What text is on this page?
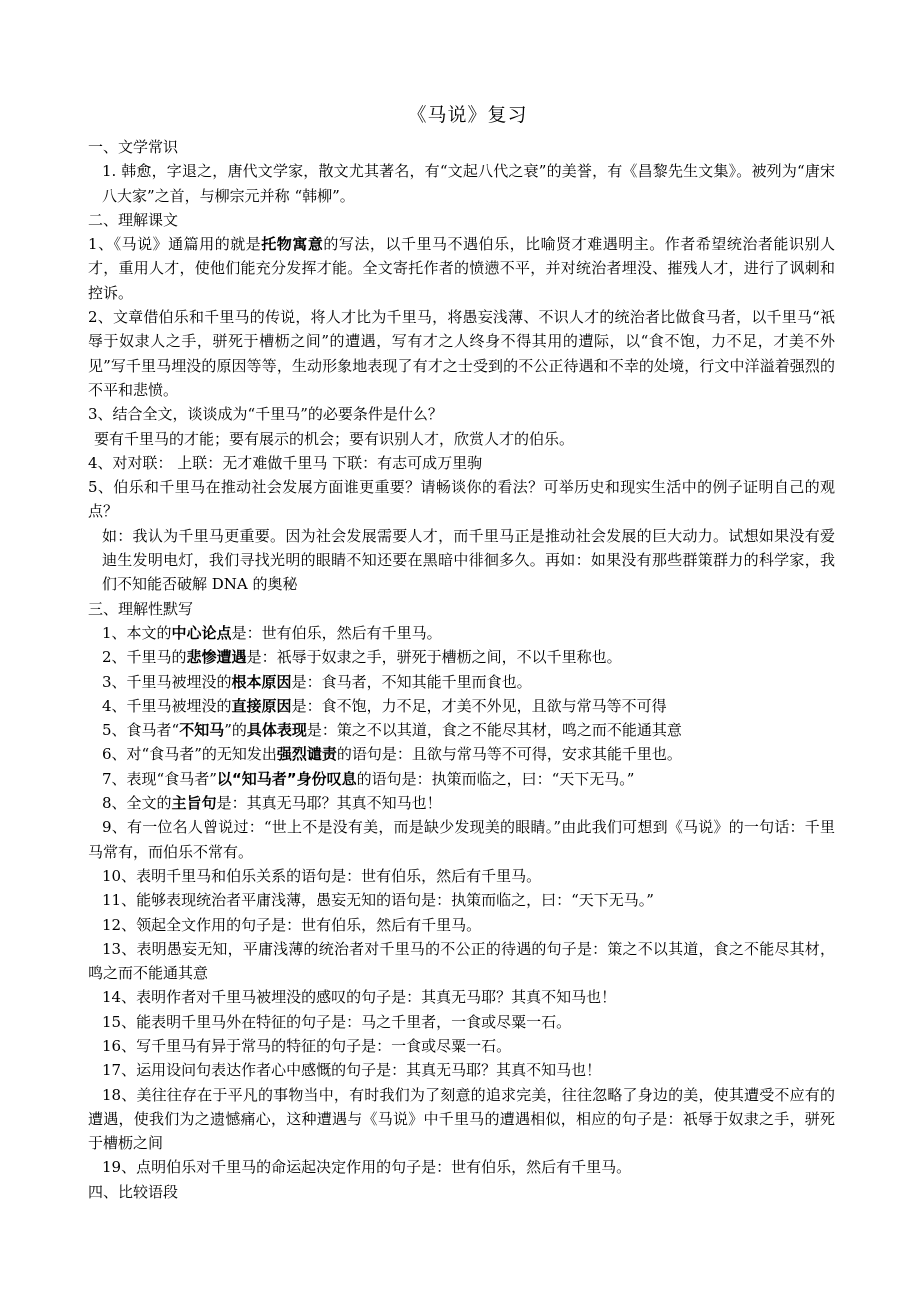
《马说》复习
一、文学常识
1. 韩愈，字退之，唐代文学家，散文尤其著名，有“文起八代之衰”的美誉，有《昌黎先生文集》。被列为“唐宋八大家”之首，与柳宗元并称 “韩柳”。
二、理解课文
1、《马说》通篇用的就是托物寓意的写法，以千里马不遇伯乐，比喻贤才难遇明主。作者希望统治者能识别人才，重用人才，使他们能充分发挥才能。全文寄托作者的愤懑不平，并对统治者埋没、摧残人才，进行了讽刺和控诉。
2、文章借伯乐和千里马的传说，将人才比为千里马，将愚妄浅薄、不识人才的统治者比做食马者，以千里马“祇辱于奴隶人之手，骈死于槽枥之间”的遭遇，写有才之人终身不得其用的遭际，以“食不饱，力不足，才美不外见”写千里马埋没的原因等等，生动形象地表现了有才之士受到的不公正待遇和不幸的处境，行文中洋溢着强烈的不平和悲愤。
3、结合全文，谈谈成为“千里马”的必要条件是什么？
要有千里马的才能；要有展示的机会；要有识别人才，欣赏人才的伯乐。
4、对对联： 上联：无才难做千里马 下联：有志可成万里驹
5、伯乐和千里马在推动社会发展方面谁更重要？请畅谈你的看法？可举历史和现实生活中的例子证明自己的观点？
如：我认为千里马更重要。因为社会发展需要人才，而千里马正是推动社会发展的巨大动力。试想如果没有爱迪生发明电灯，我们寻找光明的眼睛不知还要在黑暗中徘徊多久。再如：如果没有那些群策群力的科学家，我们不知能否破解 DNA 的奥秘
三、理解性默写
1、本文的中心论点是：世有伯乐，然后有千里马。
2、千里马的悲惨遭遇是：祇辱于奴隶之手，骈死于槽枥之间，不以千里称也。
3、千里马被埋没的根本原因是：食马者，不知其能千里而食也。
4、千里马被埋没的直接原因是：食不饱，力不足，才美不外见，且欲与常马等不可得
5、食马者“不知马”的具体表现是：策之不以其道，食之不能尽其材，鸣之而不能通其意
6、对“食马者”的无知发出强烈谴责的语句是：且欲与常马等不可得，安求其能千里也。
7、表现“食马者”以“知马者”身份叹息的语句是：执策而临之，曰：“天下无马。”
8、全文的主旨句是：其真无马耶？其真不知马也！
9、有一位名人曾说过：“世上不是没有美，而是缺少发现美的眼睛。”由此我们可想到《马说》的一句话：千里马常有，而伯乐不常有。
10、表明千里马和伯乐关系的语句是：世有伯乐，然后有千里马。
11、能够表现统治者平庸浅薄，愚妄无知的语句是：执策而临之，曰：“天下无马。”
12、领起全文作用的句子是：世有伯乐，然后有千里马。
13、表明愚妄无知，平庸浅薄的统治者对千里马的不公正的待遇的句子是：策之不以其道，食之不能尽其材，鸣之而不能通其意
14、表明作者对千里马被埋没的感叹的句子是：其真无马耶？其真不知马也！
15、能表明千里马外在特征的句子是：马之千里者，一食或尽粟一石。
16、写千里马有异于常马的特征的句子是：一食或尽粟一石。
17、运用设问句表达作者心中感慨的句子是：其真无马耶？其真不知马也！
18、美往往存在于平凡的事物当中，有时我们为了刻意的追求完美，往往忽略了身边的美，使其遭受不应有的遭遇，使我们为之遗憾痛心，这种遭遇与《马说》中千里马的遭遇相似，相应的句子是：祇辱于奴隶之手，骈死于槽枥之间
19、点明伯乐对千里马的命运起决定作用的句子是：世有伯乐，然后有千里马。
四、比较语段
